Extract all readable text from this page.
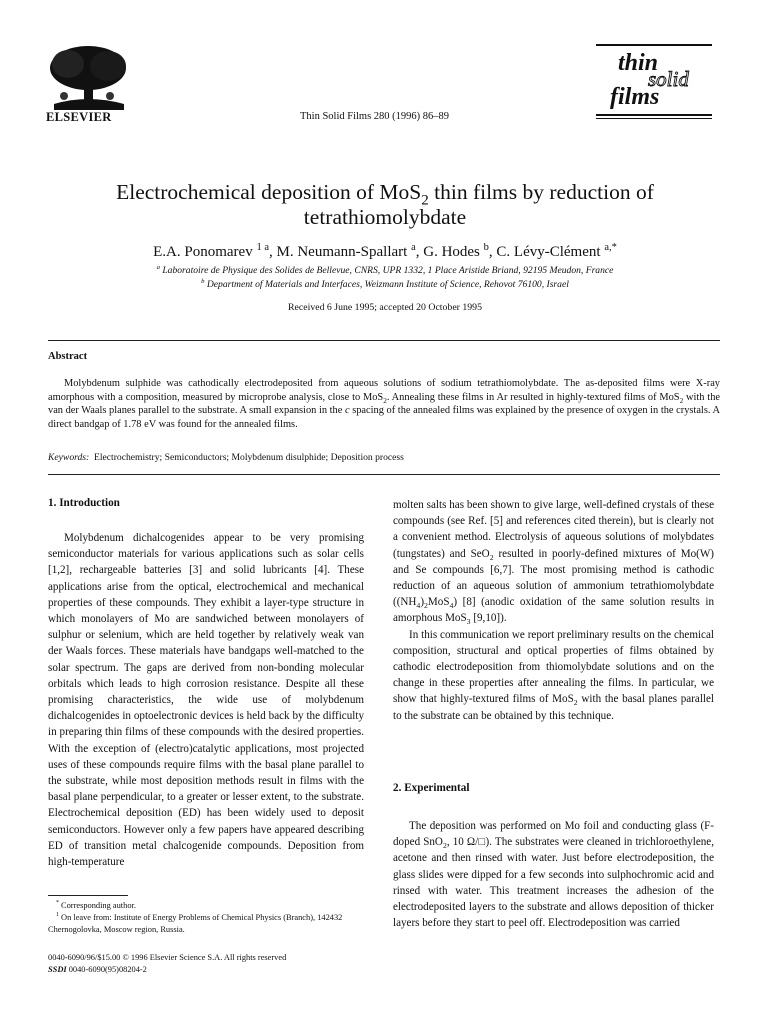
ELSEVIER	Thin Solid Films 280 (1996) 86–89
thin
solid
films
Electrochemical deposition of MoS$_2$ thin films by reduction of
tetrathiomolybdate
E.A. Ponomarev $^{1 a}$, M. Neumann-Spallart $^a$, G. Hodes $^b$, C. Lévy-Clément $^{a,*}$
$^a$ Laboratoire de Physique des Solides de Bellevue, CNRS, UPR 1332, 1 Place Aristide Briand, 92195 Meudon, France
$^b$ Department of Materials and Interfaces, Weizmann Institute of Science, Rehovot 76100, Israel
Received 6 June 1995; accepted 20 October 1995
Abstract
Molybdenum sulphide was cathodically electrodeposited from aqueous solutions of sodium tetrathiomolybdate. The as-deposited films were X-ray amorphous with a composition, measured by microprobe analysis, close to MoS$_2$. Annealing these films in Ar resulted in highly-textured films of MoS$_2$ with the van der Waals planes parallel to the substrate. A small expansion in the c spacing of the annealed films was explained by the presence of oxygen in the crystals. A direct bandgap of 1.78 eV was found for the annealed films.
Keywords: Electrochemistry; Semiconductors; Molybdenum disulphide; Deposition process
1. Introduction

Molybdenum dichalcogenides appear to be very promising semiconductor materials for various applications such as solar cells [1,2], rechargeable batteries [3] and solid lubricants [4]. These applications arise from the optical, electrochemical and mechanical properties of these compounds. They exhibit a layer-type structure in which monolayers of Mo are sandwiched between monolayers of sulphur or selenium, which are held together by relatively weak van der Waals forces. These materials have bandgaps well-matched to the solar spectrum. The gaps are derived from non-bonding molecular orbitals which leads to high corrosion resistance. Despite all these promising characteristics, the wide use of molybdenum dichalcogenides in optoelectronic devices is held back by the difficulty in preparing thin films of these compounds with the desired properties. With the exception of (electro)catalytic applications, most projected uses of these compounds require films with the basal plane parallel to the substrate, while most deposition methods result in films with the basal plane perpendicular, to a greater or lesser extent, to the substrate. Electrochemical deposition (ED) has been widely used to deposit semiconductors. However only a few papers have appeared describing ED of transition metal chalcogenide compounds. Deposition from high-temperature

* Corresponding author.

$^1$ On leave from: Institute of Energy Problems of Chemical Physics (Branch), 142432 Chernogolovka, Moscow region, Russia.

0040-6090/96/$15.00 © 1996 Elsevier Science S.A. All rights reserved
SSDI 0040-6090(95)08204-2

molten salts has been shown to give large, well-defined crystals of these compounds (see Ref. [5] and references cited therein), but is clearly not a convenient method. Electrolysis of aqueous solutions of molybdates (tungstates) and SeO$_2$ resulted in poorly-defined mixtures of Mo(W) and Se compounds [6,7]. The most promising method is cathodic reduction of an aqueous solution of ammonium tetrathiomolybdate $((NH_4)_2MoS_4)$ [8] (anodic oxidation of the same solution results in amorphous MoS$_3$ [9,10]).

In this communication we report preliminary results on the chemical composition, structural and optical properties of films obtained by cathodic electrodeposition from thiomolybdate solutions and on the change in these properties after annealing the films. In particular, we show that highly-textured films of MoS$_2$ with the basal planes parallel to the substrate can be obtained by this technique.

2. Experimental

The deposition was performed on Mo foil and conducting glass (F-doped SnO$_2$, 10 Ω/□). The substrates were cleaned in trichloroethylene, acetone and then rinsed with water. Just before electrodeposition, the glass slides were dipped for a few seconds into sulphochromic acid and rinsed with water. This treatment increases the adhesion of the electrodeposited layers to the substrate and allows deposition of thicker layers before they start to peel off. Electrodeposition was carried
